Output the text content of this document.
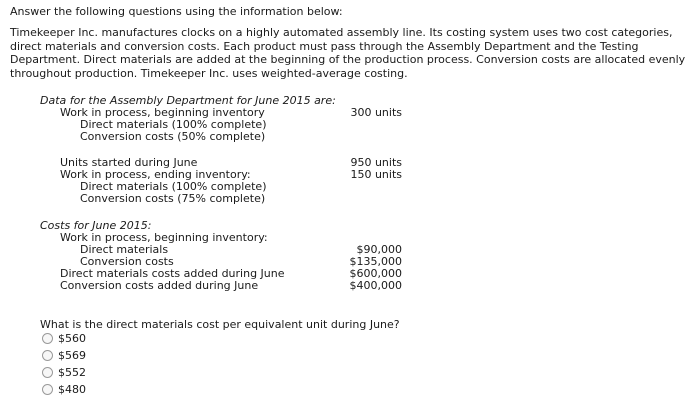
Answer the following questions using the information below:
Timekeeper Inc. manufactures clocks on a highly automated assembly line. Its costing system uses two cost categories, direct materials and conversion costs. Each product must pass through the Assembly Department and the Testing Department. Direct materials are added at the beginning of the production process. Conversion costs are allocated evenly throughout production. Timekeeper Inc. uses weighted-average costing.
Data for the Assembly Department for June 2015 are:
Work in process, beginning inventory	300 units
Direct materials (100% complete)
Conversion costs (50% complete)
Units started during June	950 units
Work in process, ending inventory:	150 units
Direct materials (100% complete)
Conversion costs (75% complete)
Costs for June 2015:
Work in process, beginning inventory:
Direct materials	$90,000
Conversion costs	$135,000
Direct materials costs added during June	$600,000
Conversion costs added during June	$400,000
What is the direct materials cost per equivalent unit during June?
$560
$569
$552
$480
